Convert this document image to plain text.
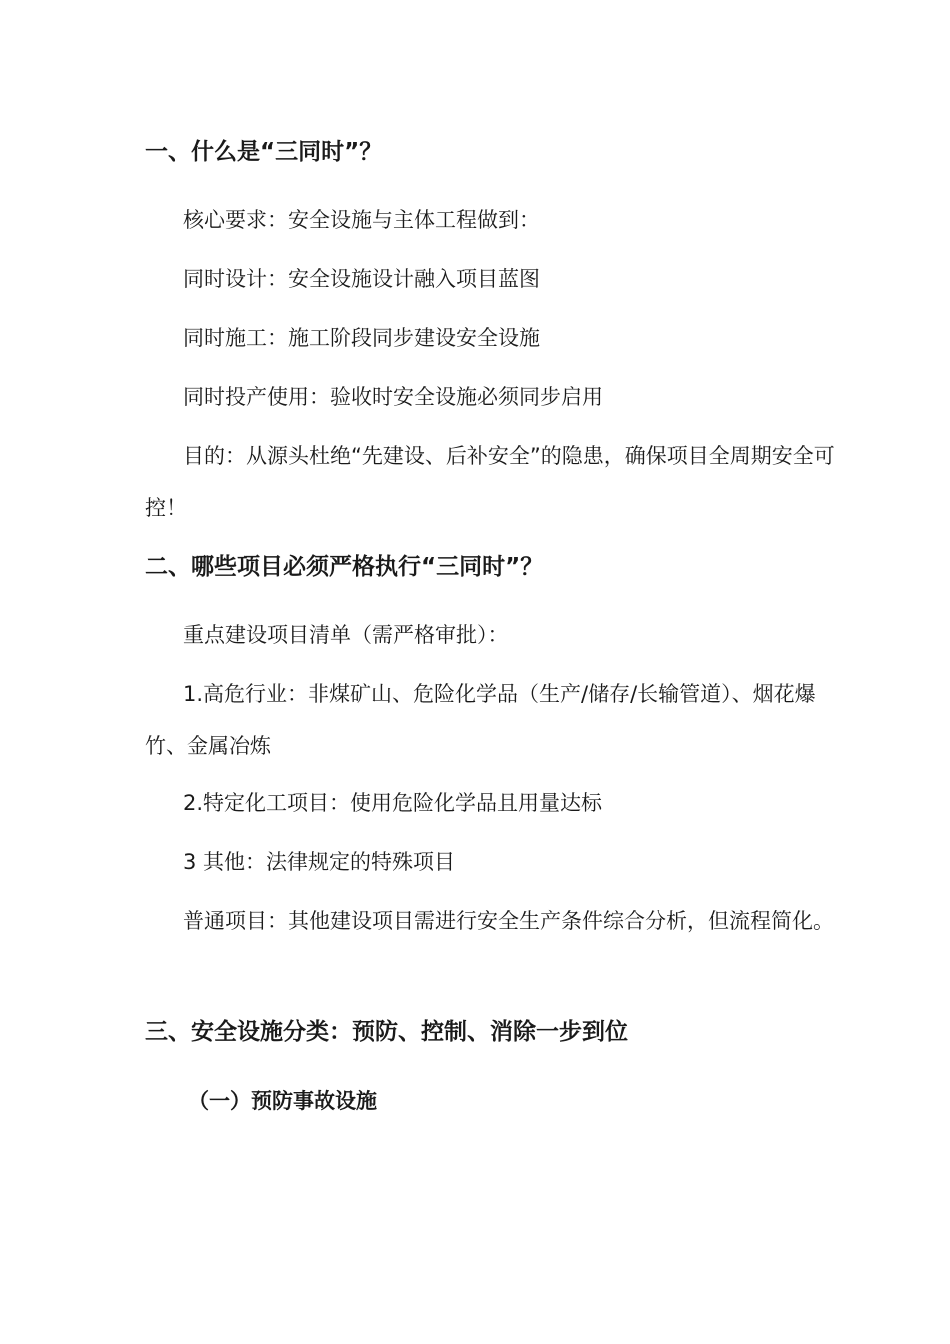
一、什么是“三同时”？
核心要求：安全设施与主体工程做到：
同时设计：安全设施设计融入项目蓝图
同时施工：施工阶段同步建设安全设施
同时投产使用：验收时安全设施必须同步启用
目的：从源头杜绝“先建设、后补安全”的隐患，确保项目全周期安全可控！
二、哪些项目必须严格执行“三同时”？
重点建设项目清单（需严格审批）：
1.高危行业：非煤矿山、危险化学品（生产/储存/长输管道）、烟花爆竹、金属冶炼
2.特定化工项目：使用危险化学品且用量达标
3 其他：法律规定的特殊项目
普通项目：其他建设项目需进行安全生产条件综合分析，但流程简化。
三、安全设施分类：预防、控制、消除一步到位
（一）预防事故设施
